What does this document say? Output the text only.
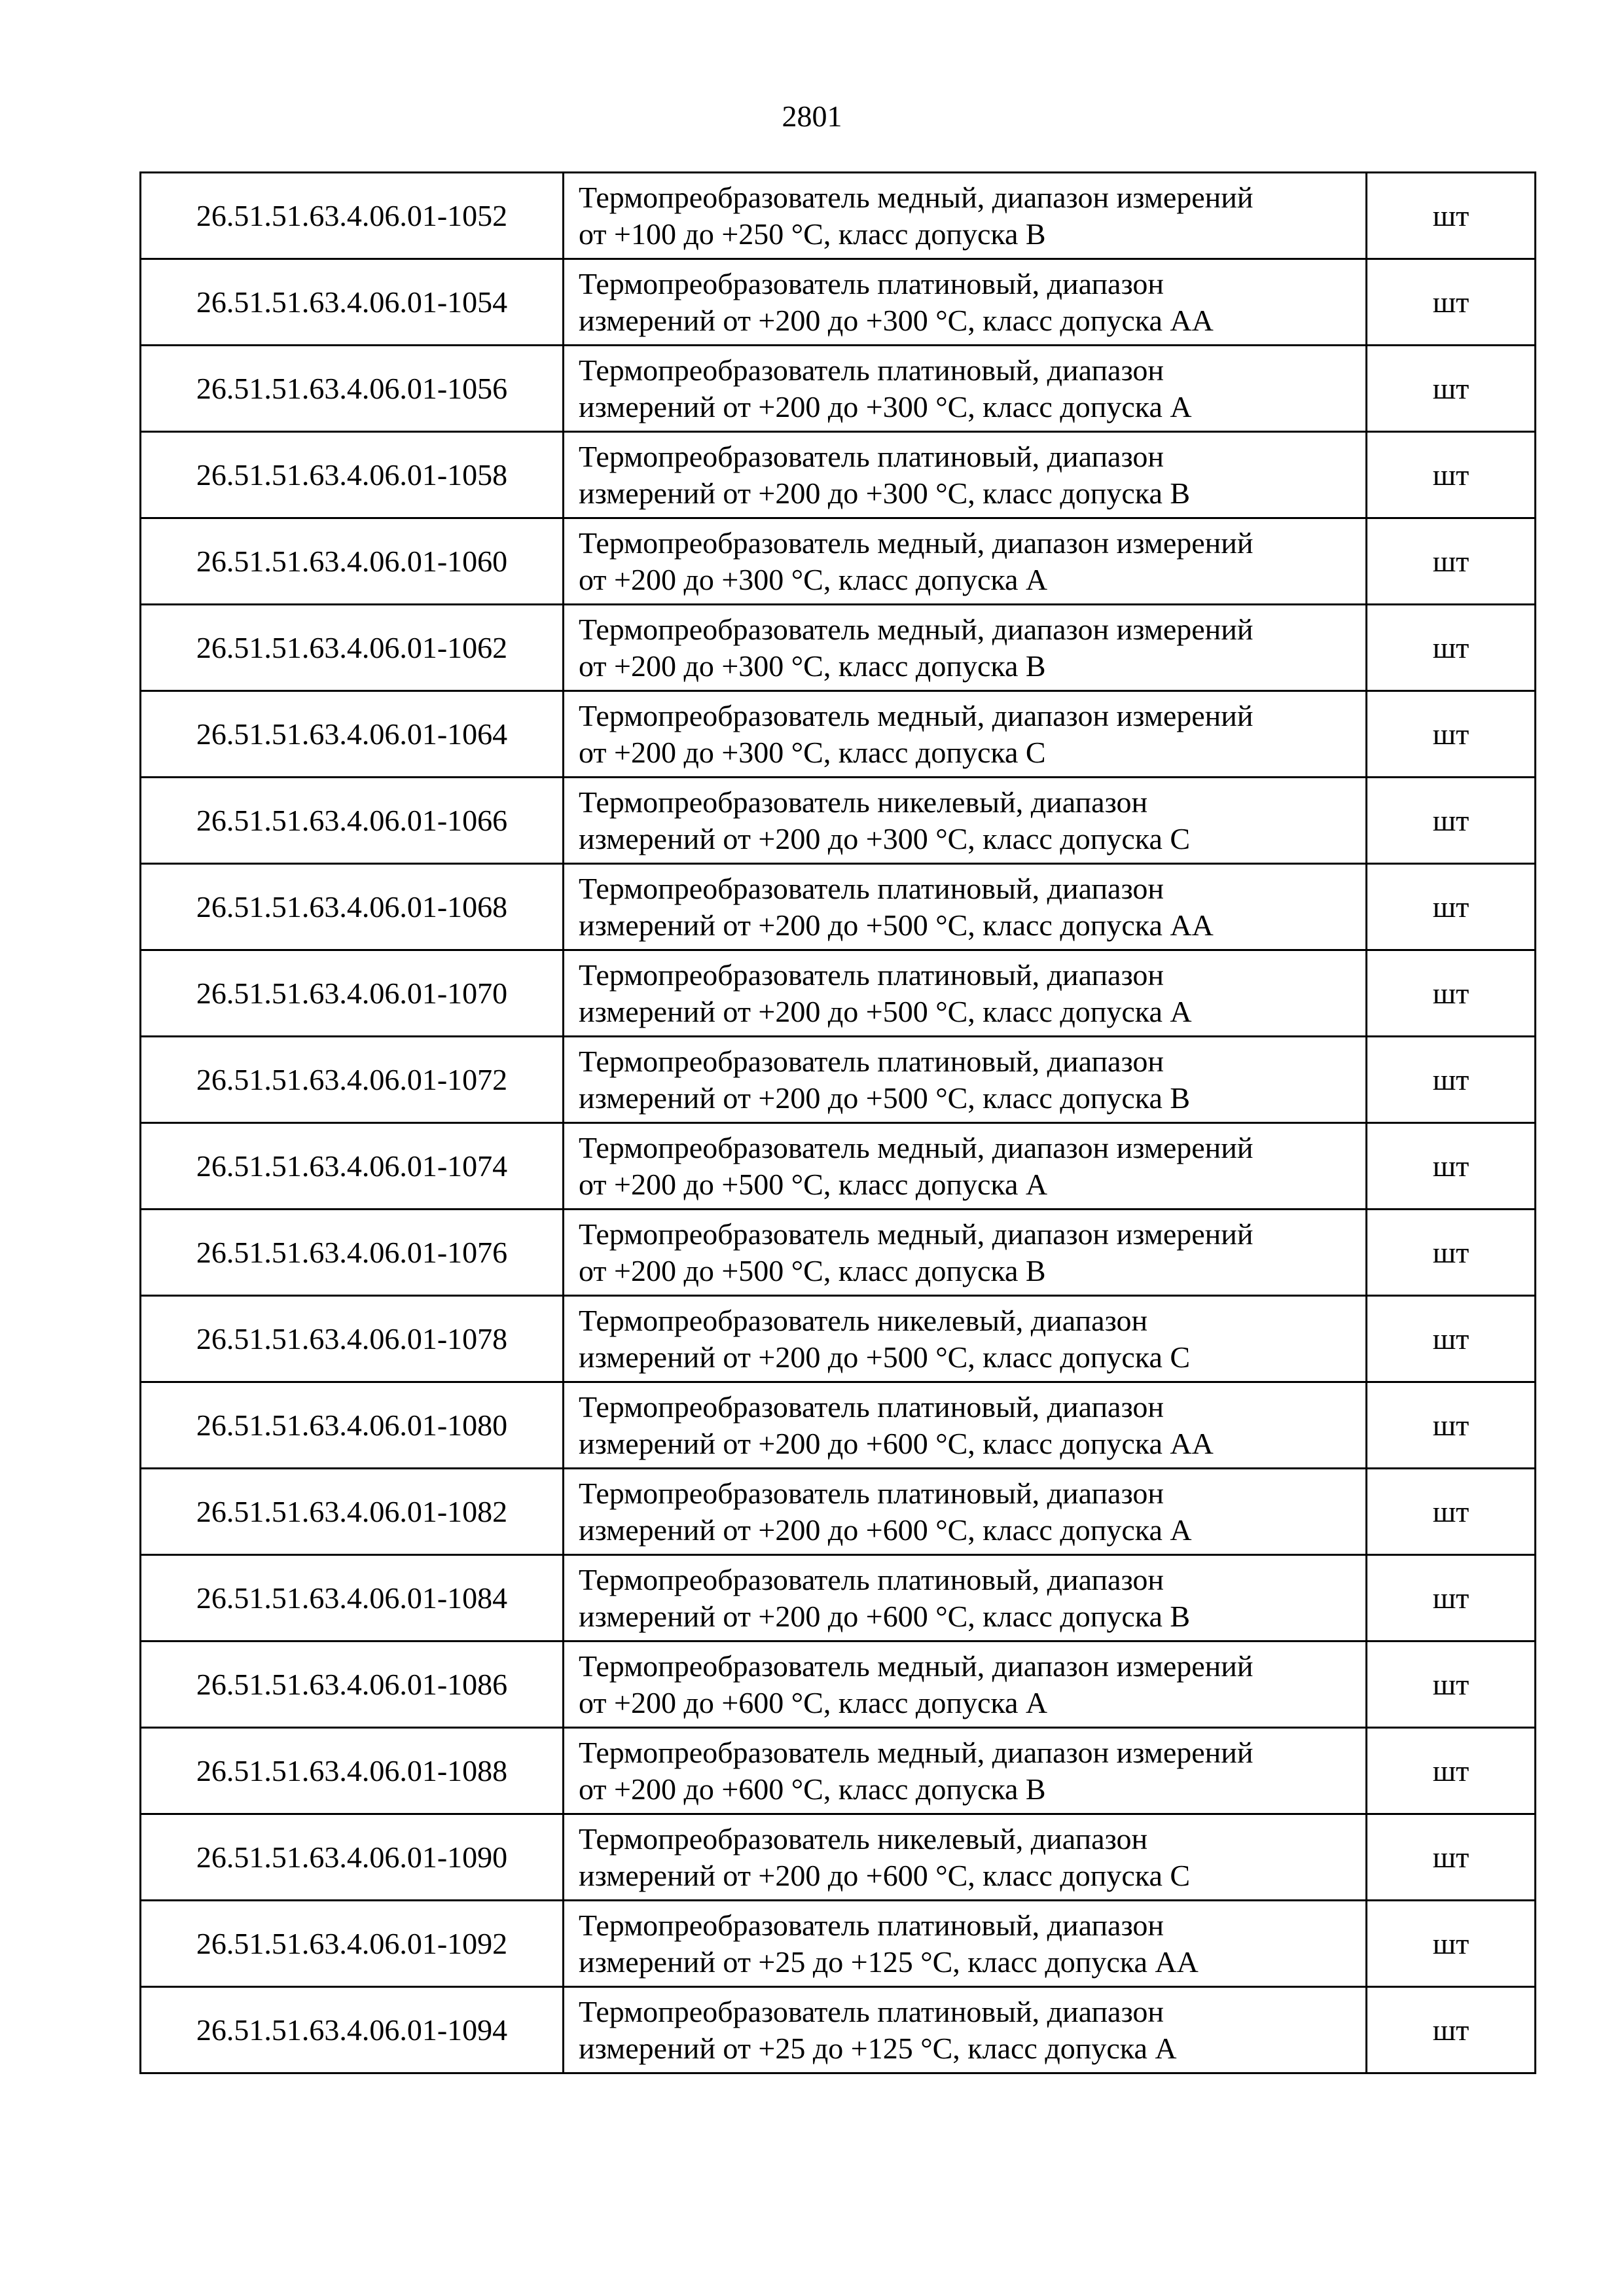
2801
26.51.51.63.4.06.01-1052	Термопреобразователь медный, диапазон измерений
от +100 до +250 °С, класс допуска В	шт
26.51.51.63.4.06.01-1054	Термопреобразователь платиновый, диапазон
измерений от +200 до +300 °С, класс допуска АА	шт
26.51.51.63.4.06.01-1056	Термопреобразователь платиновый, диапазон
измерений от +200 до +300 °С, класс допуска А	шт
26.51.51.63.4.06.01-1058	Термопреобразователь платиновый, диапазон
измерений от +200 до +300 °С, класс допуска В	шт
26.51.51.63.4.06.01-1060	Термопреобразователь медный, диапазон измерений
от +200 до +300 °С, класс допуска А	шт
26.51.51.63.4.06.01-1062	Термопреобразователь медный, диапазон измерений
от +200 до +300 °С, класс допуска В	шт
26.51.51.63.4.06.01-1064	Термопреобразователь медный, диапазон измерений
от +200 до +300 °С, класс допуска С	шт
26.51.51.63.4.06.01-1066	Термопреобразователь никелевый, диапазон
измерений от +200 до +300 °С, класс допуска С	шт
26.51.51.63.4.06.01-1068	Термопреобразователь платиновый, диапазон
измерений от +200 до +500 °С, класс допуска АА	шт
26.51.51.63.4.06.01-1070	Термопреобразователь платиновый, диапазон
измерений от +200 до +500 °С, класс допуска А	шт
26.51.51.63.4.06.01-1072	Термопреобразователь платиновый, диапазон
измерений от +200 до +500 °С, класс допуска В	шт
26.51.51.63.4.06.01-1074	Термопреобразователь медный, диапазон измерений
от +200 до +500 °С, класс допуска А	шт
26.51.51.63.4.06.01-1076	Термопреобразователь медный, диапазон измерений
от +200 до +500 °С, класс допуска В	шт
26.51.51.63.4.06.01-1078	Термопреобразователь никелевый, диапазон
измерений от +200 до +500 °С, класс допуска С	шт
26.51.51.63.4.06.01-1080	Термопреобразователь платиновый, диапазон
измерений от +200 до +600 °С, класс допуска АА	шт
26.51.51.63.4.06.01-1082	Термопреобразователь платиновый, диапазон
измерений от +200 до +600 °С, класс допуска А	шт
26.51.51.63.4.06.01-1084	Термопреобразователь платиновый, диапазон
измерений от +200 до +600 °С, класс допуска В	шт
26.51.51.63.4.06.01-1086	Термопреобразователь медный, диапазон измерений
от +200 до +600 °С, класс допуска А	шт
26.51.51.63.4.06.01-1088	Термопреобразователь медный, диапазон измерений
от +200 до +600 °С, класс допуска В	шт
26.51.51.63.4.06.01-1090	Термопреобразователь никелевый, диапазон
измерений от +200 до +600 °С, класс допуска С	шт
26.51.51.63.4.06.01-1092	Термопреобразователь платиновый, диапазон
измерений от +25 до +125 °С, класс допуска АА	шт
26.51.51.63.4.06.01-1094	Термопреобразователь платиновый, диапазон
измерений от +25 до +125 °С, класс допуска А	шт
